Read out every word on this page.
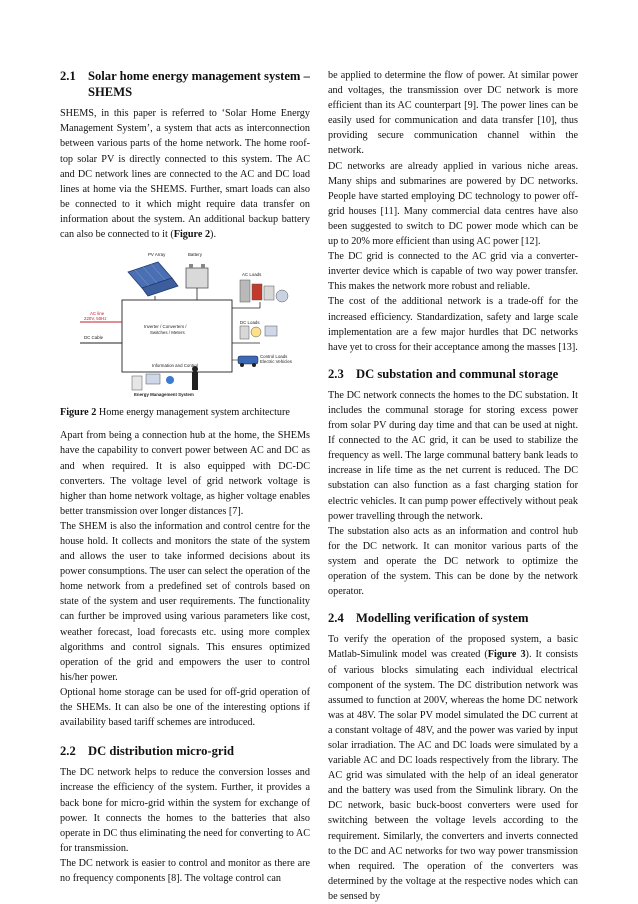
2.1 Solar home energy management system – SHEMS

SHEMS, in this paper is referred to ‘Solar Home Energy Management System’, a system that acts as interconnection between various parts of the home network. The home roof-top solar PV is directly connected to this system. The AC and DC network lines are connected to the AC and DC load lines at home via the SHEMS. Further, smart loads can also be connected to it which might require data transfer on information about the system. An additional backup battery can also be connected to it (Figure 2).

PV Array	Battery
AC Loads
AC line
220V, 50Hz
DC Cable
Inverter / Converters /
Switches / Meters
DC Loads
Information and Control
Control Loads
Electric Vehicles
Energy Management System
Figure 2 Home energy management system architecture

Apart from being a connection hub at the home, the SHEMs have the capability to convert power between AC and DC as and when required. It is also equipped with DC-DC converters. The voltage level of grid network voltage is higher than home network voltage, as higher voltage enables better transmission over longer distances [7].

The SHEM is also the information and control centre for the house hold. It collects and monitors the state of the system and allows the user to take informed decisions about its power consumptions. The user can select the operation of the home network from a predefined set of controls based on state of the system and user requirements. The functionality can further be improved using various parameters like cost, weather forecast, load forecasts etc. using more complex algorithms and control signals. This ensures optimized operation of the grid and empowers the user to control his/her power.

Optional home storage can be used for off-grid operation of the SHEMs. It can also be one of the interesting options if availability based tariff schemes are introduced.

2.2 DC distribution micro-grid

The DC network helps to reduce the conversion losses and increase the efficiency of the system. Further, it provides a back bone for micro-grid within the system for exchange of power. It connects the homes to the batteries that also operate in DC thus eliminating the need for converting to AC for transmission.

The DC network is easier to control and monitor as there are no frequency components [8]. The voltage control can

be applied to determine the flow of power. At similar power and voltages, the transmission over DC network is more efficient than its AC counterpart [9]. The power lines can be easily used for communication and data transfer [10], thus providing secure communication channel within the network.

DC networks are already applied in various niche areas. Many ships and submarines are powered by DC networks. People have started employing DC technology to power off-grid houses [11]. Many commercial data centres have also been suggested to switch to DC power mode which can be up to 20% more efficient than using AC power [12].

The DC grid is connected to the AC grid via a converter-inverter device which is capable of two way power transfer. This makes the network more robust and reliable.

The cost of the additional network is a trade-off for the increased efficiency. Standardization, safety and large scale implementation are a few major hurdles that DC networks have yet to cross for their acceptance among the masses [13].

2.3 DC substation and communal storage

The DC network connects the homes to the DC substation. It includes the communal storage for storing excess power from solar PV during day time and that can be used at night. If connected to the AC grid, it can be used to stabilize the frequency as well. The large communal battery bank leads to increase in life time as the net current is reduced. The DC substation can also function as a fast charging station for electric vehicles. It can pump power effectively without peak power travelling through the network.

The substation also acts as an information and control hub for the DC network. It can monitor various parts of the system and operate the DC network to optimize the operation of the system. This can be done by the network operator.

2.4 Modelling verification of system

To verify the operation of the proposed system, a basic Matlab-Simulink model was created (Figure 3). It consists of various blocks simulating each individual electrical component of the system. The DC distribution network was assumed to function at 200V, whereas the home DC network was at 48V. The solar PV model simulated the DC current at a constant voltage of 48V, and the power was varied by input solar irradiation. The AC and DC loads were simulated by a variable AC and DC loads respectively from the library. The AC grid was simulated with the help of an ideal generator and the battery was used from the Simulink library. On the DC network, basic buck-boost converters were used for switching between the voltage levels according to the requirement. Similarly, the converters and inverts connected to the DC and AC networks for two way power transmission when required. The operation of the converters was determined by the voltage at the respective nodes which can be sensed by
